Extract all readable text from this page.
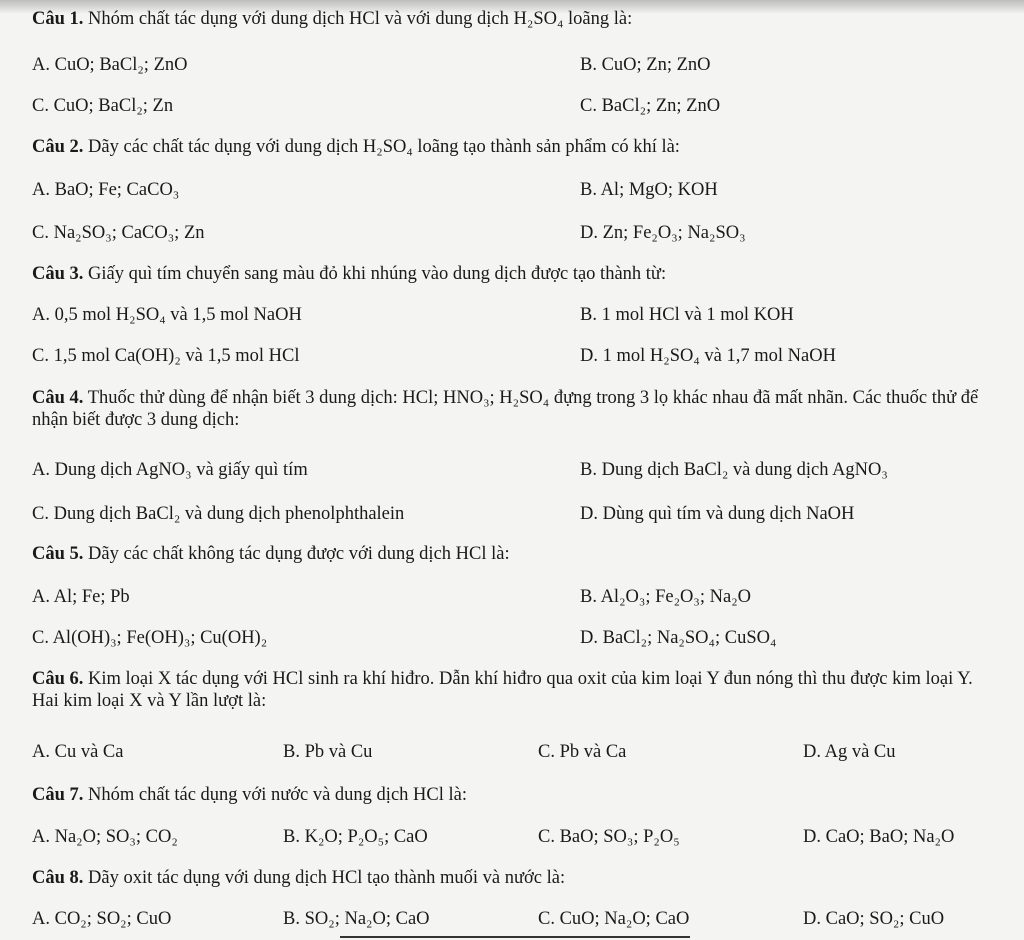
Câu 1. Nhóm chất tác dụng với dung dịch HCl và với dung dịch H₂SO₄ loãng là:
A. CuO; BaCl₂; ZnO	B. CuO; Zn; ZnO
C. CuO; BaCl₂; Zn	C. BaCl₂; Zn; ZnO
Câu 2. Dãy các chất tác dụng với dung dịch H₂SO₄ loãng tạo thành sản phẩm có khí là:
A. BaO; Fe; CaCO₃	B. Al; MgO; KOH
C. Na₂SO₃; CaCO₃; Zn	D. Zn; Fe₂O₃; Na₂SO₃
Câu 3. Giấy quì tím chuyển sang màu đỏ khi nhúng vào dung dịch được tạo thành từ:
A. 0,5 mol H₂SO₄ và 1,5 mol NaOH	B. 1 mol HCl và 1 mol KOH
C. 1,5 mol Ca(OH)₂ và 1,5 mol HCl	D. 1 mol H₂SO₄ và 1,7 mol NaOH
Câu 4. Thuốc thử dùng để nhận biết 3 dung dịch: HCl; HNO₃; H₂SO₄ đựng trong 3 lọ khác nhau đã mất nhãn. Các thuốc thử để nhận biết được 3 dung dịch:
A. Dung dịch AgNO₃ và giấy quì tím	B. Dung dịch BaCl₂ và dung dịch AgNO₃
C. Dung dịch BaCl₂ và dung dịch phenolphthalein	D. Dùng quì tím và dung dịch NaOH
Câu 5. Dãy các chất không tác dụng được với dung dịch HCl là:
A. Al; Fe; Pb	B. Al₂O₃; Fe₂O₃; Na₂O
C. Al(OH)₃; Fe(OH)₃; Cu(OH)₂	D. BaCl₂; Na₂SO₄; CuSO₄
Câu 6. Kim loại X tác dụng với HCl sinh ra khí hiđro. Dẫn khí hiđro qua oxit của kim loại Y đun nóng thì thu được kim loại Y. Hai kim loại X và Y lần lượt là:
A. Cu và Ca	B. Pb và Cu	C. Pb và Ca	D. Ag và Cu
Câu 7. Nhóm chất tác dụng với nước và dung dịch HCl là:
A. Na₂O; SO₃; CO₂	B. K₂O; P₂O₅; CaO	C. BaO; SO₃; P₂O₅	D. CaO; BaO; Na₂O
Câu 8. Dãy oxit tác dụng với dung dịch HCl tạo thành muối và nước là:
A. CO₂; SO₂; CuO	B. SO₂; Na₂O; CaO	C. CuO; Na₂O; CaO	D. CaO; SO₂; CuO
